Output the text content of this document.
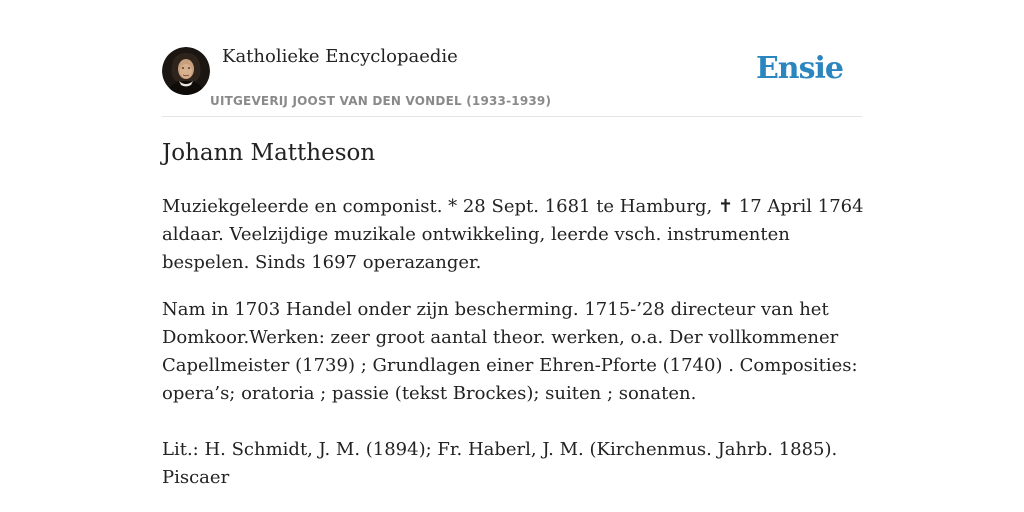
Katholieke Encyclopaedie
UITGEVERIJ JOOST VAN DEN VONDEL (1933-1939)
Ensie
Johann Mattheson

Muziekgeleerde en componist. * 28 Sept. 1681 te Hamburg, ✝ 17 April 1764 aldaar. Veelzijdige muzikale ontwikkeling, leerde vsch. instrumenten bespelen. Sinds 1697 operazanger.

Nam in 1703 Handel onder zijn bescherming. 1715-’28 directeur van het Domkoor.Werken: zeer groot aantal theor. werken, o.a. Der vollkommener Capellmeister (1739) ; Grundlagen einer Ehren-Pforte (1740) . Composities: opera’s; oratoria ; passie (tekst Brockes); suiten ; sonaten.

Lit.: H. Schmidt, J. M. (1894); Fr. Haberl, J. M. (Kirchenmus. Jahrb. 1885). Piscaer
